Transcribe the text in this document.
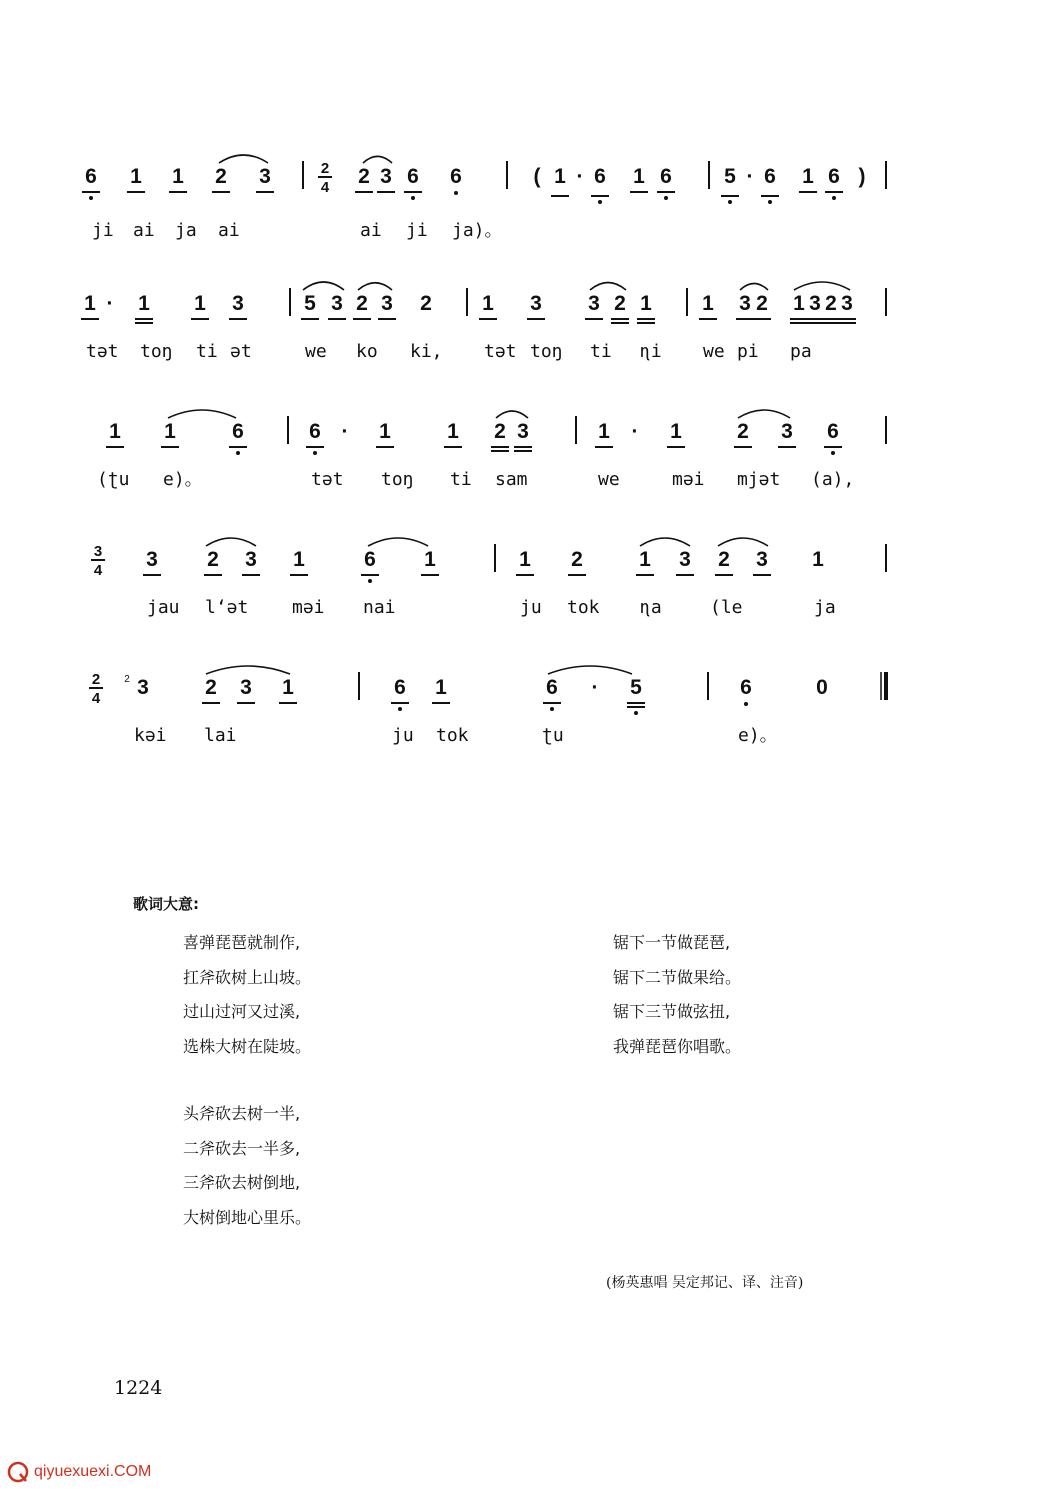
6 1 1 2 3	2
4 2 3 6 6	( 1 · 6 1 6 5 · 6 1 6 )
ji ai ja ai	ai ji ja)。
1 · 1 1 3	5 3 2 3 2 1 3 3 2 1 1 3 2 1 3 2 3
tət toŋ ti ət	we ko ki, tət toŋ ti ɳi we pi pa
1 1	6	6 · 1	1 2 3	1 · 1	2 3 6
(ʈu e)。	tət toŋ ti sam	we	məi mjət (a),
3
4 3 2 3 1	6 1	1 2	1 3 2 3 1
jau lʻət məi nai	ju tok ɳa	(le	ja
2
4 3	2 3 1	6 1	6 · 5	6	0
2
kəi lai	ju tok	ʈu	e)。
歌词大意:
喜弹琵琶就制作,
扛斧砍树上山坡。
过山过河又过溪,
选株大树在陡坡。
锯下一节做琵琶,
锯下二节做果给。
锯下三节做弦扭,
我弹琵琶你唱歌。
头斧砍去树一半,
二斧砍去一半多,
三斧砍去树倒地,
大树倒地心里乐。
(杨英惠唱 吴定邦记、译、注音)
1224
qiyuexuexi.COM
